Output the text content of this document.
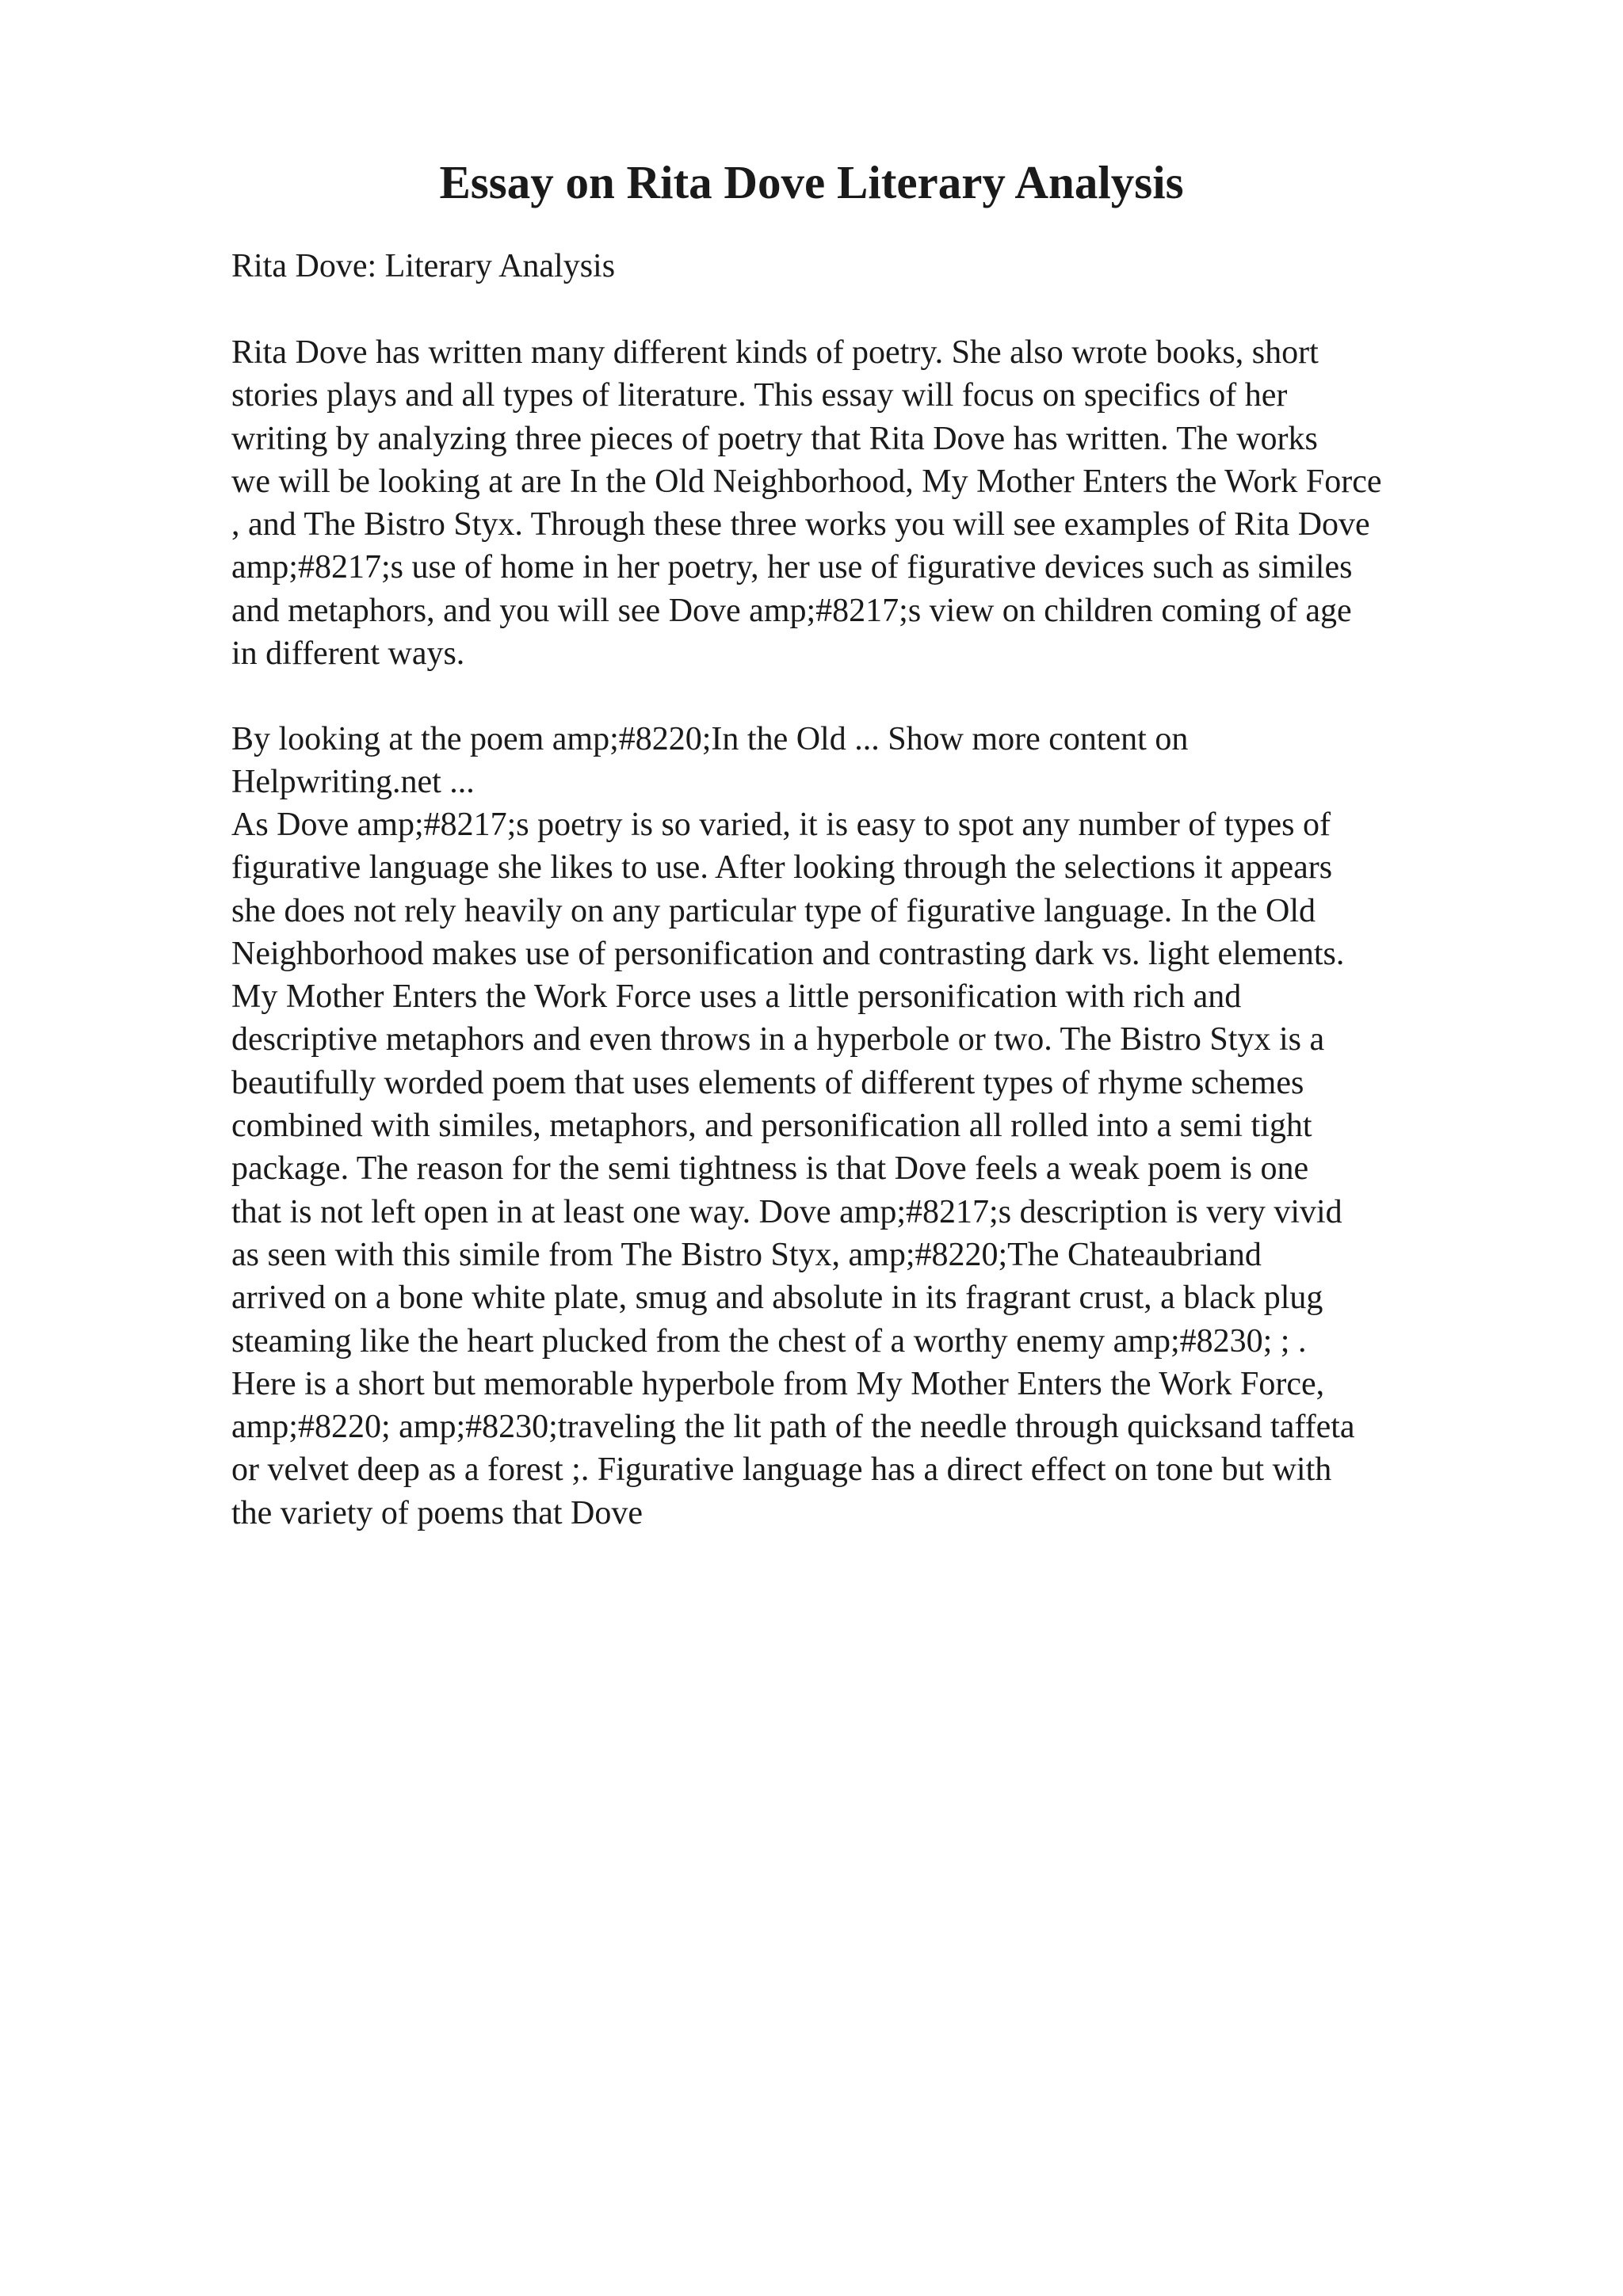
Essay on Rita Dove Literary Analysis

Rita Dove: Literary Analysis

Rita Dove has written many different kinds of poetry. She also wrote books, short
stories plays and all types of literature. This essay will focus on specifics of her
writing by analyzing three pieces of poetry that Rita Dove has written. The works
we will be looking at are In the Old Neighborhood, My Mother Enters the Work Force
, and The Bistro Styx. Through these three works you will see examples of Rita Dove
amp;#8217;s use of home in her poetry, her use of figurative devices such as similes
and metaphors, and you will see Dove amp;#8217;s view on children coming of age
in different ways.
By looking at the poem amp;#8220;In the Old ... Show more content on
Helpwriting.net ...
As Dove amp;#8217;s poetry is so varied, it is easy to spot any number of types of
figurative language she likes to use. After looking through the selections it appears
she does not rely heavily on any particular type of figurative language. In the Old
Neighborhood makes use of personification and contrasting dark vs. light elements.
My Mother Enters the Work Force uses a little personification with rich and
descriptive metaphors and even throws in a hyperbole or two. The Bistro Styx is a
beautifully worded poem that uses elements of different types of rhyme schemes
combined with similes, metaphors, and personification all rolled into a semi tight
package. The reason for the semi tightness is that Dove feels a weak poem is one
that is not left open in at least one way. Dove amp;#8217;s description is very vivid
as seen with this simile from The Bistro Styx, amp;#8220;The Chateaubriand
arrived on a bone white plate, smug and absolute in its fragrant crust, a black plug
steaming like the heart plucked from the chest of a worthy enemy amp;#8230; ; .
Here is a short but memorable hyperbole from My Mother Enters the Work Force,
amp;#8220; amp;#8230;traveling the lit path of the needle through quicksand taffeta
or velvet deep as a forest ;. Figurative language has a direct effect on tone but with
the variety of poems that Dove
